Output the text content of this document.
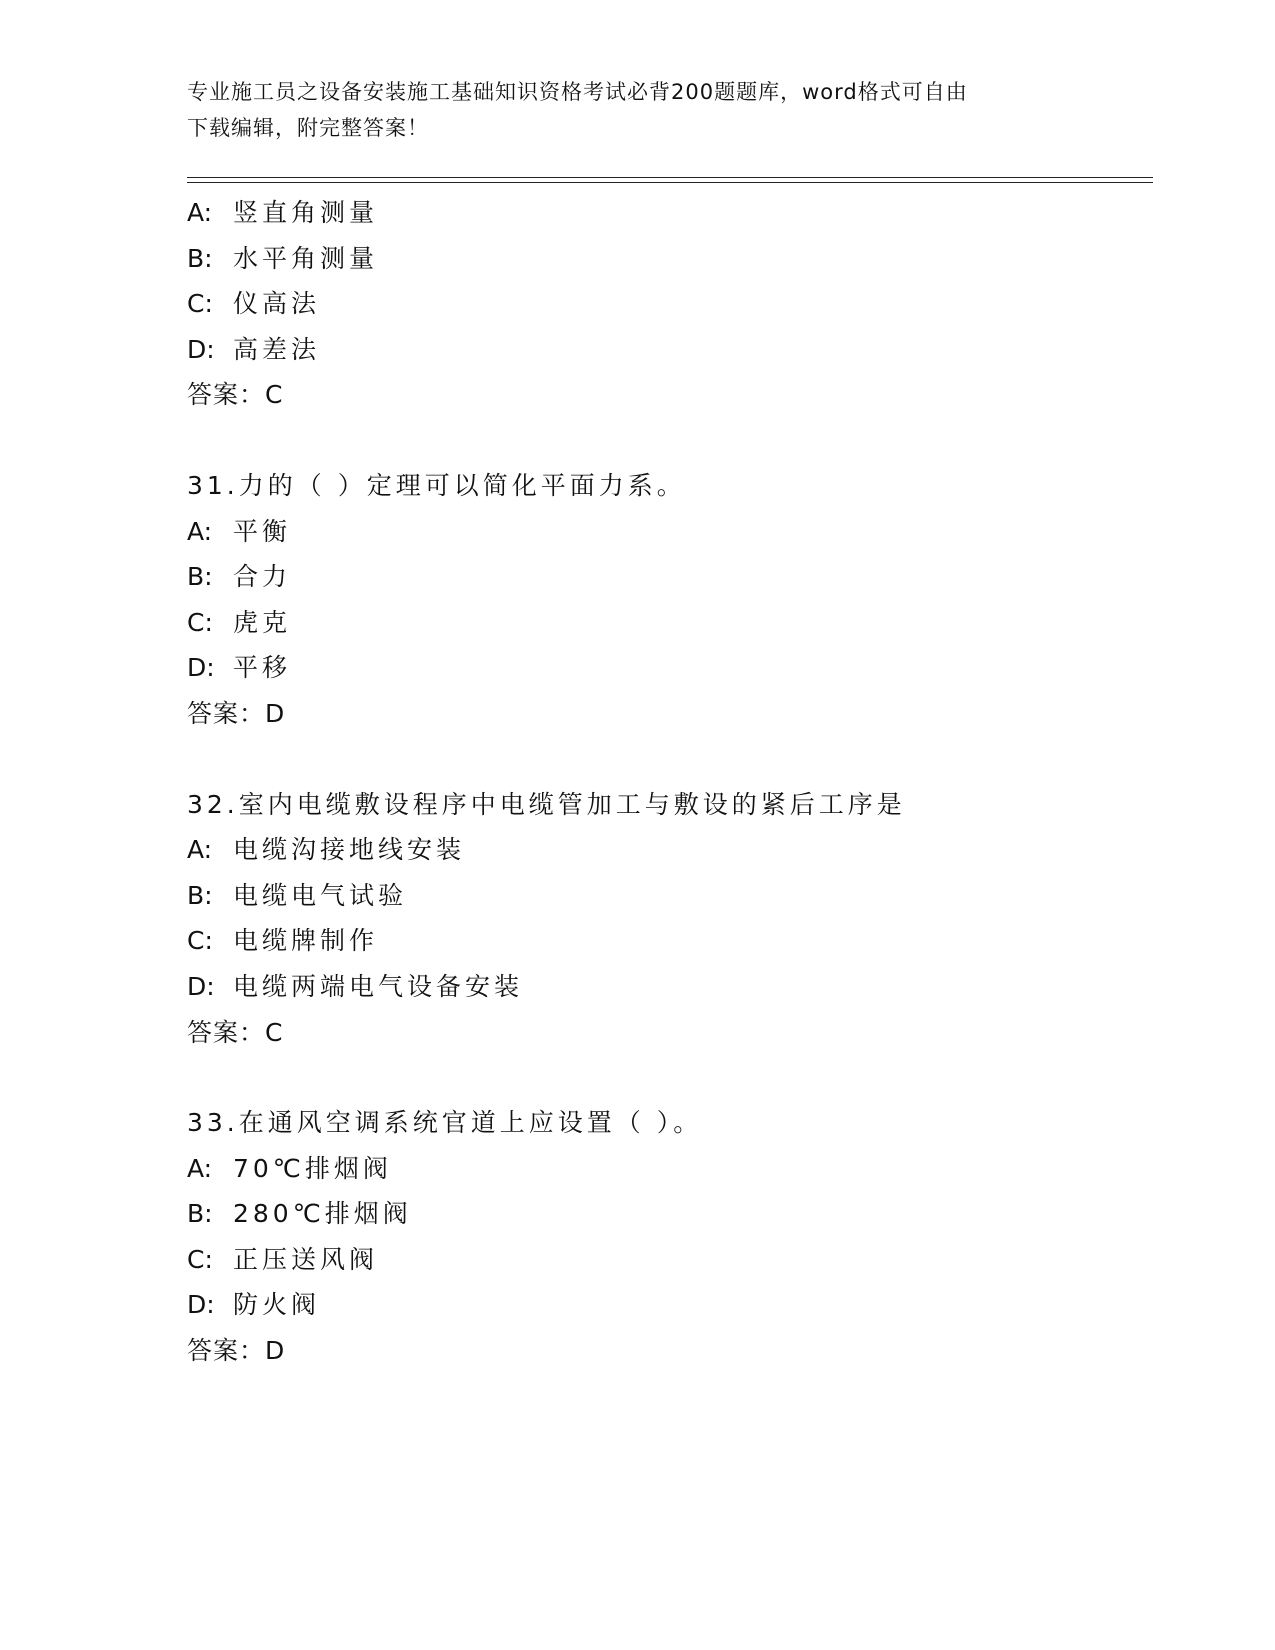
专业施工员之设备安装施工基础知识资格考试必背200题题库，word格式可自由
下载编辑，附完整答案！
A: 竖直角测量
B: 水平角测量
C: 仪高法
D: 高差法
答案：C
31.力的（ ）定理可以简化平面力系。
A: 平衡
B: 合力
C: 虎克
D: 平移
答案：D
32.室内电缆敷设程序中电缆管加工与敷设的紧后工序是
A: 电缆沟接地线安装
B: 电缆电气试验
C: 电缆牌制作
D: 电缆两端电气设备安装
答案：C
33.在通风空调系统官道上应设置（ ）。
A: 70℃排烟阀
B: 280℃排烟阀
C: 正压送风阀
D: 防火阀
答案：D
